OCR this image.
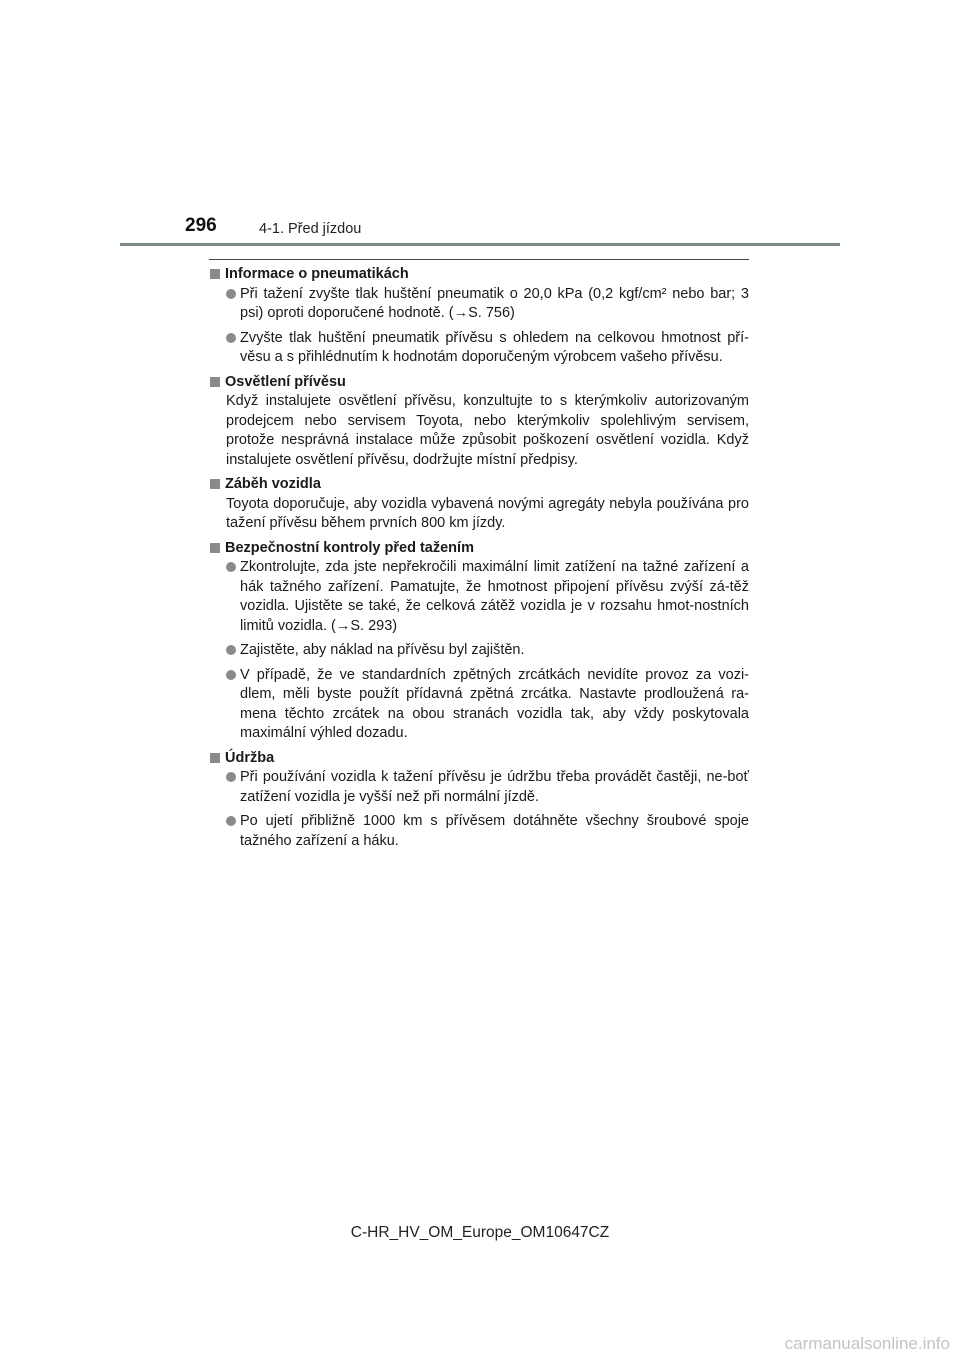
296	4-1. Před jízdou
Informace o pneumatikách
Při tažení zvyšte tlak huštění pneumatik o 20,0 kPa (0,2 kgf/cm² nebo bar; 3 psi) oproti doporučené hodnotě. (→S. 756)
Zvyšte tlak huštění pneumatik přívěsu s ohledem na celkovou hmotnost pří-věsu a s přihlédnutím k hodnotám doporučeným výrobcem vašeho přívěsu.
Osvětlení přívěsu
Když instalujete osvětlení přívěsu, konzultujte to s kterýmkoliv autorizovaným prodejcem nebo servisem Toyota, nebo kterýmkoliv spolehlivým servisem, protože nesprávná instalace může způsobit poškození osvětlení vozidla. Když instalujete osvětlení přívěsu, dodržujte místní předpisy.
Záběh vozidla
Toyota doporučuje, aby vozidla vybavená novými agregáty nebyla používána pro tažení přívěsu během prvních 800 km jízdy.
Bezpečnostní kontroly před tažením
Zkontrolujte, zda jste nepřekročili maximální limit zatížení na tažné zařízení a hák tažného zařízení. Pamatujte, že hmotnost připojení přívěsu zvýší zá-těž vozidla. Ujistěte se také, že celková zátěž vozidla je v rozsahu hmot-nostních limitů vozidla. (→S. 293)
Zajistěte, aby náklad na přívěsu byl zajištěn.
V případě, že ve standardních zpětných zrcátkách nevidíte provoz za vozi-dlem, měli byste použít přídavná zpětná zrcátka. Nastavte prodloužená ra-mena těchto zrcátek na obou stranách vozidla tak, aby vždy poskytovala maximální výhled dozadu.
Údržba
Při používání vozidla k tažení přívěsu je údržbu třeba provádět častěji, ne-boť zatížení vozidla je vyšší než při normální jízdě.
Po ujetí přibližně 1000 km s přívěsem dotáhněte všechny šroubové spoje tažného zařízení a háku.
C-HR_HV_OM_Europe_OM10647CZ
carmanualsonline.info
